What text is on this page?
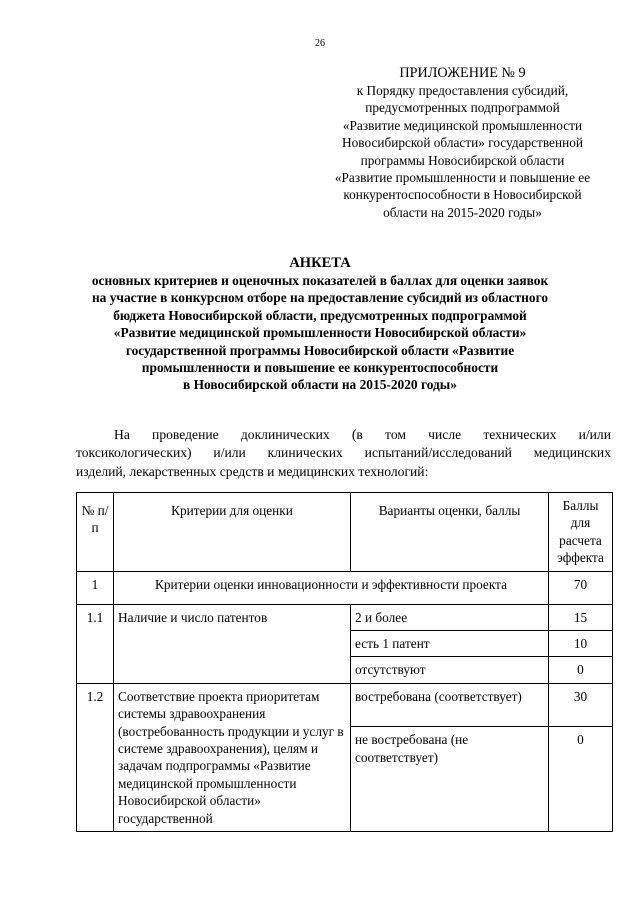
26
ПРИЛОЖЕНИЕ № 9
к Порядку предоставления субсидий,
предусмотренных подпрограммой
«Развитие медицинской промышленности
Новосибирской области» государственной
программы Новосибирской области
«Развитие промышленности и повышение ее
конкурентоспособности в Новосибирской
области на 2015-2020 годы»
АНКЕТА
основных критериев и оценочных показателей в баллах для оценки заявок
на участие в конкурсном отборе на предоставление субсидий из областного
бюджета Новосибирской области, предусмотренных подпрограммой
«Развитие медицинской промышленности Новосибирской области»
государственной программы Новосибирской области «Развитие
промышленности и повышение ее конкурентоспособности
в Новосибирской области на 2015-2020 годы»
На проведение доклинических (в том числе технических и/или
токсикологических) и/или клинических испытаний/исследований медицинских
изделий, лекарственных средств и медицинских технологий:
№ п/п	Критерии для оценки	Варианты оценки, баллы	Баллы для расчета эффекта
1	Критерии оценки инновационности и эффективности проекта		70
1.1	Наличие и число патентов	2 и более	15
		есть 1 патент	10
		отсутствуют	0
1.2	Соответствие проекта приоритетам системы здравоохранения (востребованность продукции и услуг в системе здравоохранения), целям и задачам подпрограммы «Развитие медицинской промышленности Новосибирской области» государственной	востребована (соответствует)	30
		не востребована (не соответствует)	0
